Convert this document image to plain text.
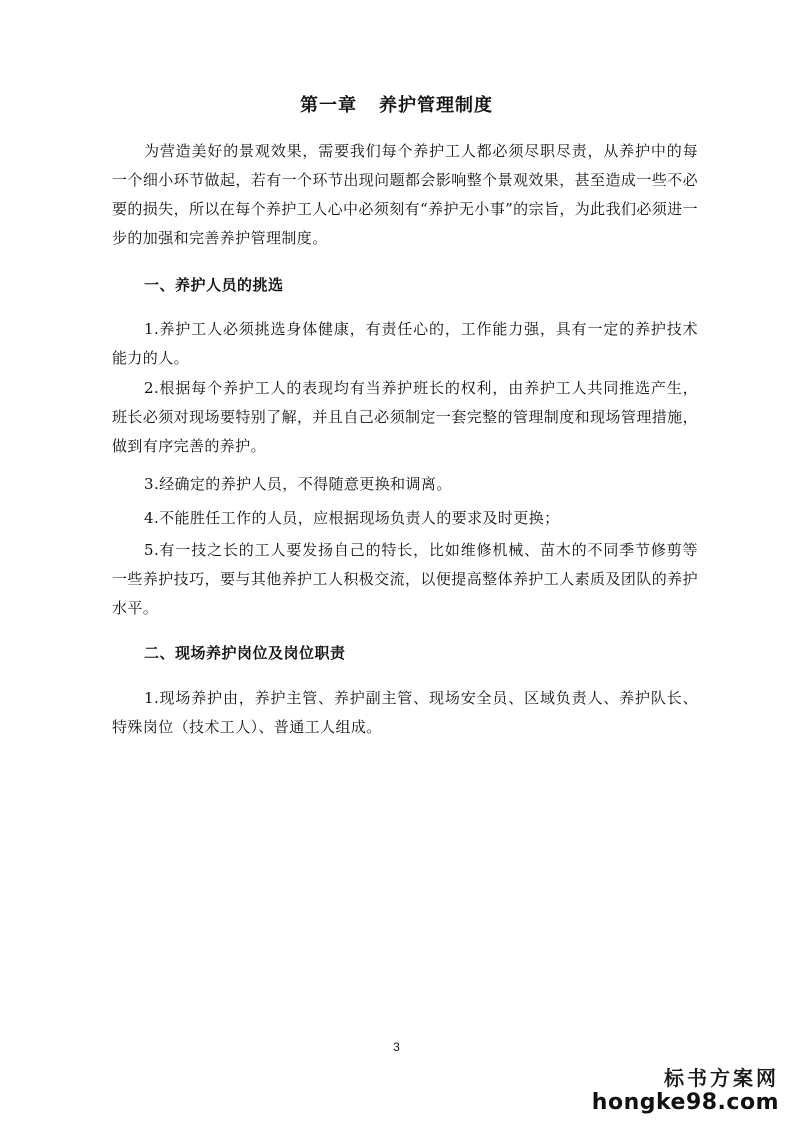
第一章 养护管理制度

为营造美好的景观效果，需要我们每个养护工人都必须尽职尽责，从养护中的每一个细小环节做起，若有一个环节出现问题都会影响整个景观效果，甚至造成一些不必要的损失，所以在每个养护工人心中必须刻有“养护无小事”的宗旨，为此我们必须进一步的加强和完善养护管理制度。

一、养护人员的挑选

1.养护工人必须挑选身体健康，有责任心的，工作能力强，具有一定的养护技术能力的人。

2.根据每个养护工人的表现均有当养护班长的权利，由养护工人共同推选产生，班长必须对现场要特别了解，并且自己必须制定一套完整的管理制度和现场管理措施，做到有序完善的养护。

3.经确定的养护人员，不得随意更换和调离。

4.不能胜任工作的人员，应根据现场负责人的要求及时更换；

5.有一技之长的工人要发扬自己的特长，比如维修机械、苗木的不同季节修剪等一些养护技巧，要与其他养护工人积极交流，以便提高整体养护工人素质及团队的养护水平。

二、现场养护岗位及岗位职责

1.现场养护由，养护主管、养护副主管、现场安全员、区域负责人、养护队长、特殊岗位（技术工人）、普通工人组成。

3
标书方案网
hongke98.com
